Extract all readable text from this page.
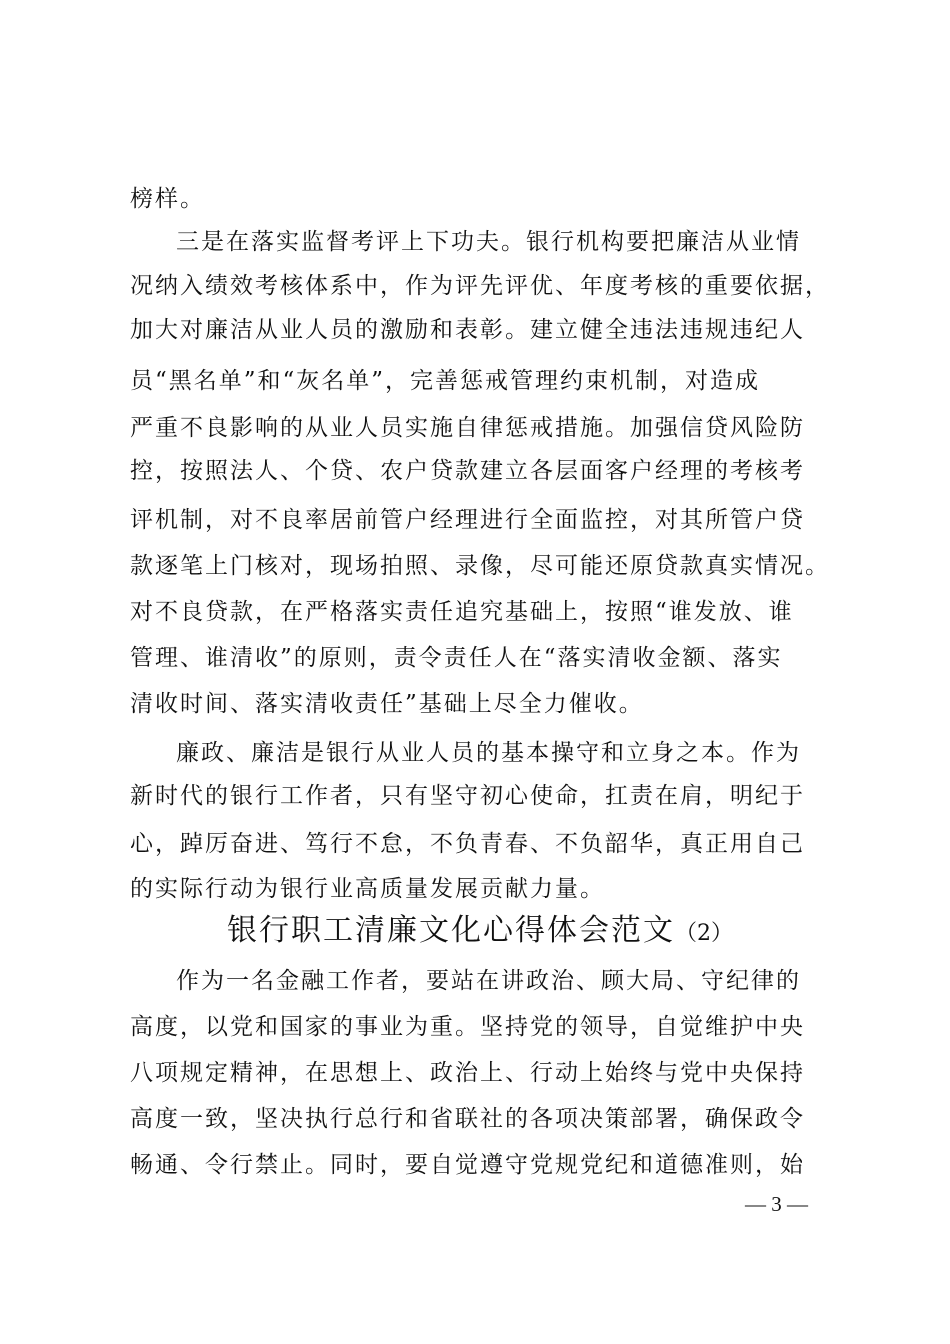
榜样。
三是在落实监督考评上下功夫。银行机构要把廉洁从业情
况纳入绩效考核体系中，作为评先评优、年度考核的重要依据，
加大对廉洁从业人员的激励和表彰。建立健全违法违规违纪人
员“黑名单”和“灰名单”，完善惩戒管理约束机制，对造成
严重不良影响的从业人员实施自律惩戒措施。加强信贷风险防
控，按照法人、个贷、农户贷款建立各层面客户经理的考核考
评机制，对不良率居前管户经理进行全面监控，对其所管户贷
款逐笔上门核对，现场拍照、录像，尽可能还原贷款真实情况。
对不良贷款，在严格落实责任追究基础上，按照“谁发放、谁
管理、谁清收”的原则，责令责任人在“落实清收金额、落实
清收时间、落实清收责任”基础上尽全力催收。
廉政、廉洁是银行从业人员的基本操守和立身之本。作为
新时代的银行工作者，只有坚守初心使命，扛责在肩，明纪于
心，踔厉奋进、笃行不怠，不负青春、不负韶华，真正用自己
的实际行动为银行业高质量发展贡献力量。
银行职工清廉文化心得体会范文（2）
作为一名金融工作者，要站在讲政治、顾大局、守纪律的
高度，以党和国家的事业为重。坚持党的领导，自觉维护中央
八项规定精神，在思想上、政治上、行动上始终与党中央保持
高度一致，坚决执行总行和省联社的各项决策部署，确保政令
畅通、令行禁止。同时，要自觉遵守党规党纪和道德准则，始
— 3 —
